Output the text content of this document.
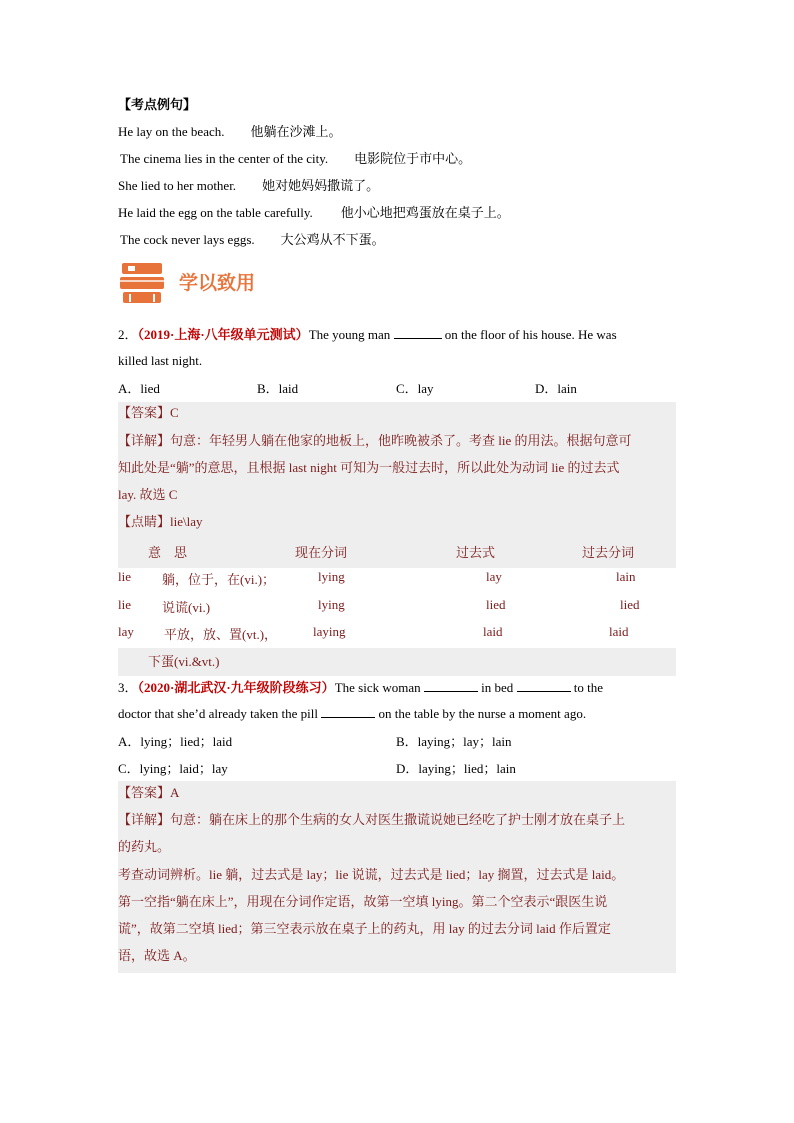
【考点例句】
He lay on the beach. 他躺在沙滩上。
The cinema lies in the center of the city. 电影院位于市中心。
She lied to her mother. 她对她妈妈撒谎了。
He laid the egg on the table carefully. 他小心地把鸡蛋放在桌子上。
The cock never lays eggs. 大公鸡从不下蛋。
学以致用
2．（2019·上海·八年级单元测试）The young man	on the floor of his house. He was
killed last night.
A．lied	B．laid	C．lay	D．lain
【答案】C
【详解】句意：年轻男人躺在他家的地板上，他昨晚被杀了。考查 lie 的用法。根据句意可
知此处是“躺”的意思，且根据 last night 可知为一般过去时，所以此处为动词 lie 的过去式
lay. 故选 C
【点睛】lie\lay
意　思	现在分词	过去式	过去分词
lie 躺，位于，在(vi.)；	lying	lay	lain
lie 说谎(vi.)	lying	lied	lied
lay 平放，放、置(vt.)，	laying	laid	laid
下蛋(vi.&vt.)
3．（2020·湖北武汉·九年级阶段练习）The sick woman	in bed	to the
doctor that she’d already taken the pill	on the table by the nurse a moment ago.
A．lying；lied；laid	B．laying；lay；lain
C．lying；laid；lay	D．laying；lied；lain
【答案】A
【详解】句意：躺在床上的那个生病的女人对医生撒谎说她已经吃了护士刚才放在桌子上
的药丸。
考查动词辨析。lie 躺，过去式是 lay；lie 说谎，过去式是 lied；lay 搁置，过去式是 laid。
第一空指“躺在床上”，用现在分词作定语，故第一空填 lying。第二个空表示“跟医生说
谎”，故第二空填 lied；第三空表示放在桌子上的药丸，用 lay 的过去分词 laid 作后置定
语，故选 A。
